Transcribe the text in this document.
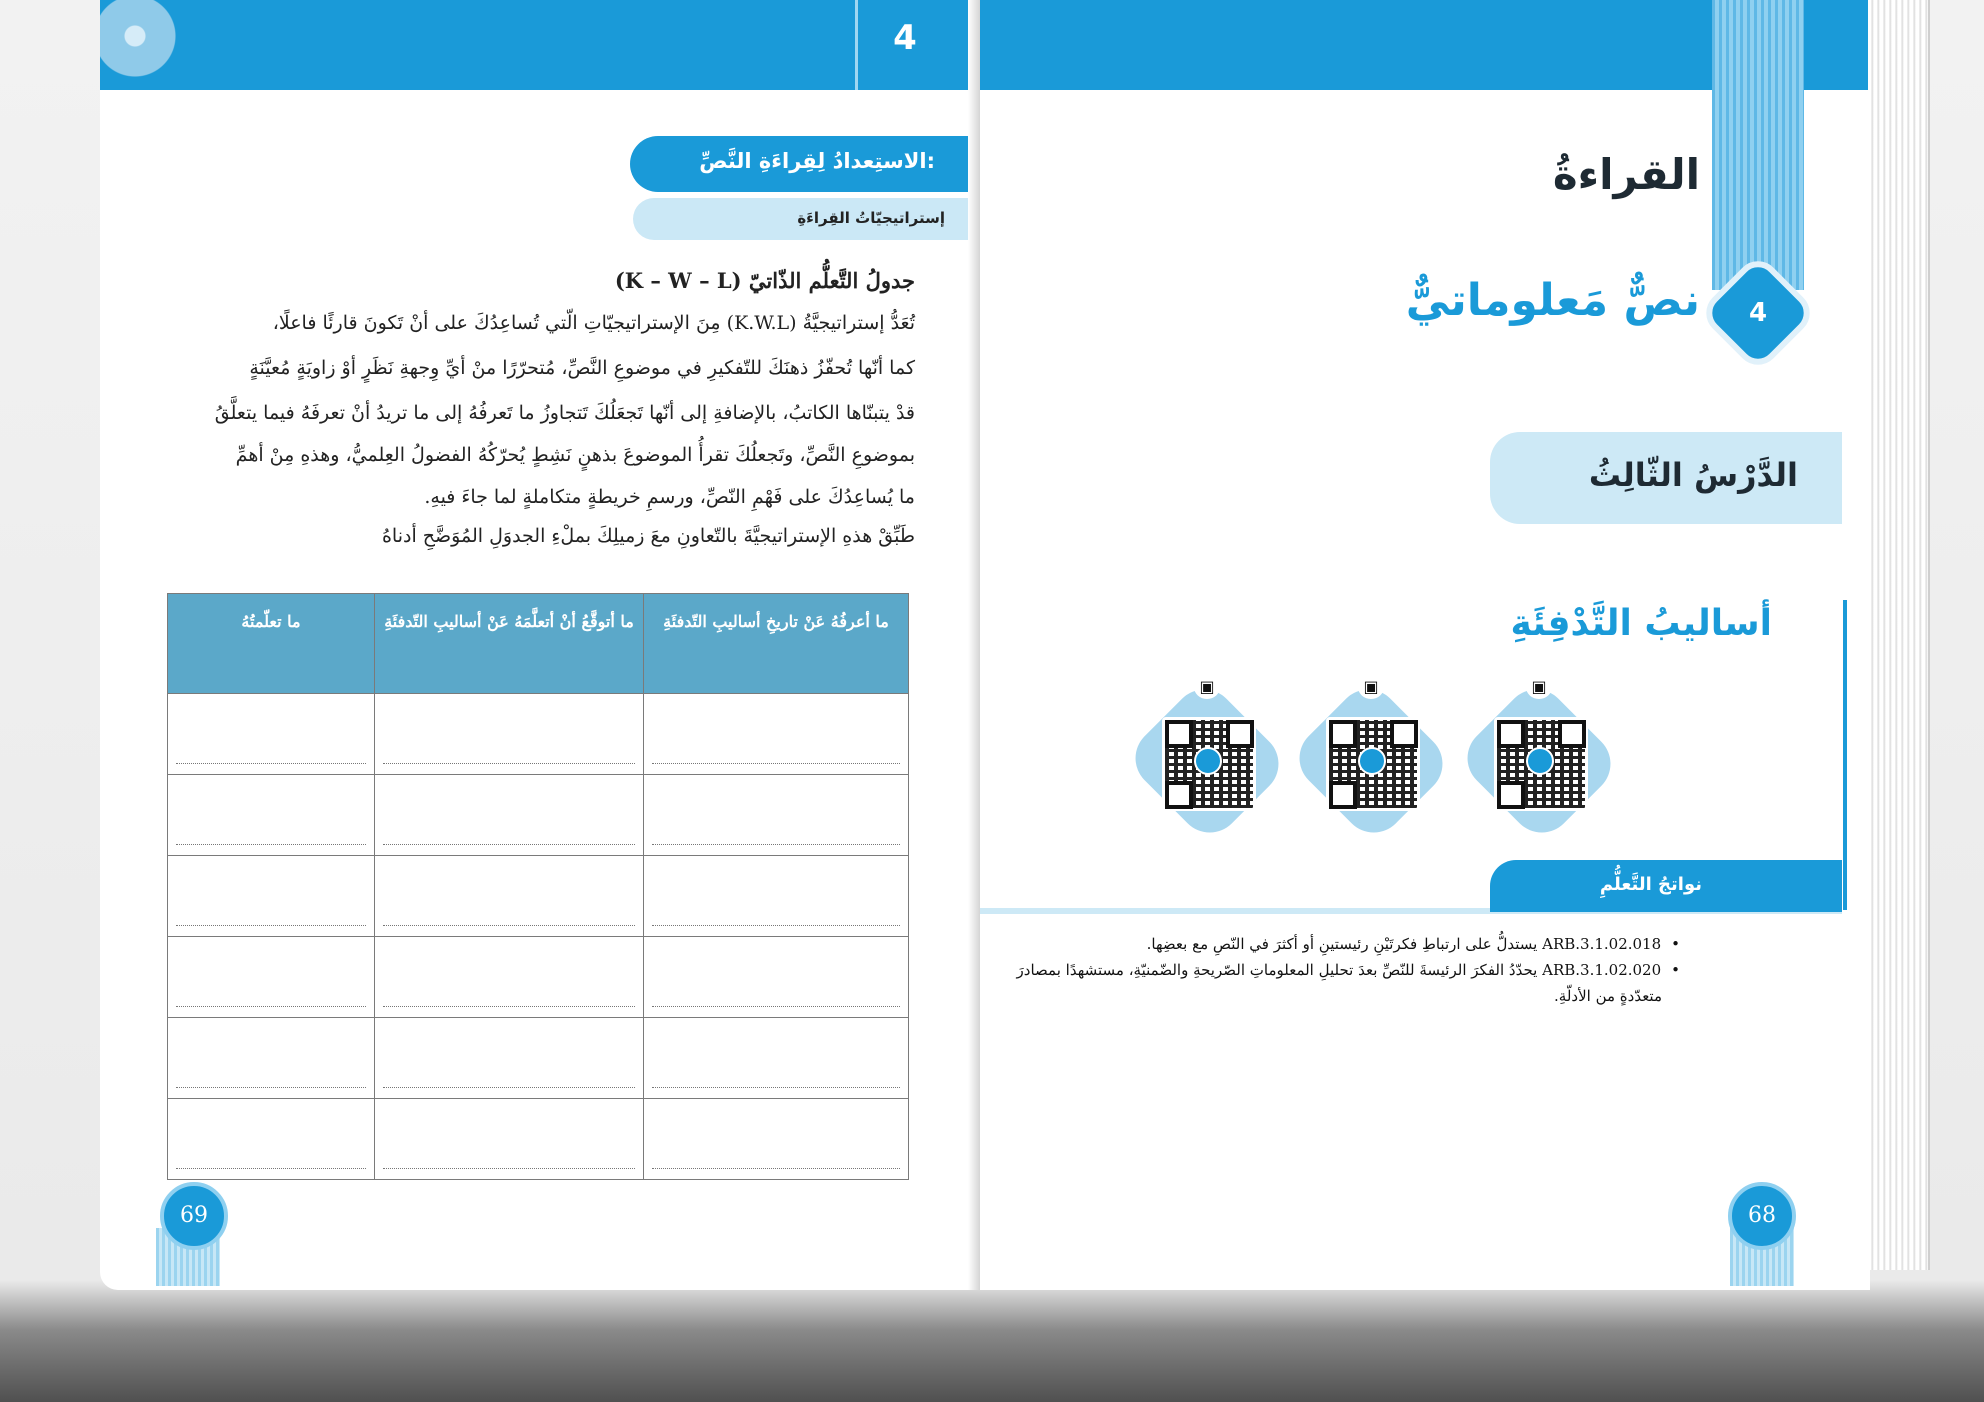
4
الاستِعدادُ لِقِراءَةِ النَّصِّ:
إستراتيجيّاتُ القِراءَةِ
جدولُ التَّعلُّم الذّاتيّ (K – W – L)
تُعَدُّ إستراتيجيَّةُ (K.W.L) مِنَ الإستراتيجيّاتِ الّتي تُساعِدُكَ على أنْ تَكونَ قارئًا فاعلًا،
كما أنّها تُحفّزُ ذهنَكَ للتّفكيرِ في موضوعِ النَّصِّ، مُتحرّرًا منْ أيِّ وِجهةِ نَظَرٍ أوْ زاويَةٍ مُعيَّنَةٍ
قدْ يتبنّاها الكاتبُ، بالإضافةِ إلى أنّها تَجعَلُكَ تَتجاوزُ ما تَعرفُهُ إلى ما تريدُ أنْ تعرفَهُ فيما يتعلَّقُ
بموضوعِ النَّصِّ، وتَجعلُكَ تقرأُ الموضوعَ بذهنٍ نَشِطٍ يُحرّكُهُ الفضولُ العِلميُّ، وهذهِ مِنْ أهمِّ
ما يُساعِدُكَ على فَهْمِ النّصِّ، ورسمِ خريطةٍ متكاملةٍ لما جاءَ فيهِ.
طَبِّقْ هذهِ الإستراتيجيَّةَ بالتّعاونِ معَ زميلِكَ بملْءِ الجدوَلِ المُوَضَّحِ أدناهُ
ما أعرفُهُ عَنْ تاريخِ أساليبِ التّدفئَةِ	ما أتوقَّعُ أنْ أتعلَّمَهُ عَنْ أساليبِ التّدفئَةِ	ما تعلّمتُهُ

69
القراءةُ
4
نصٌّ مَعلوماتيٌّ
الدَّرْسُ الثّالِثُ
أساليبُ التَّدْفِئَةِ
▣	▣	▣
نواتجُ التَّعلُّمِ
• ARB.3.1.02.018 يستدلُّ على ارتباطِ فكرتَيْنِ رئيستينِ أو أكثرَ في النّصِ مع بعضِها.
• ARB.3.1.02.020 يحدّدُ الفكرَ الرئيسةَ للنّصِّ بعدَ تحليلِ المعلوماتِ الصّريحةِ والضّمنيّةِ، مستشهدًا بمصادرَ
متعدّدةٍ من الأدلّةِ.
68
